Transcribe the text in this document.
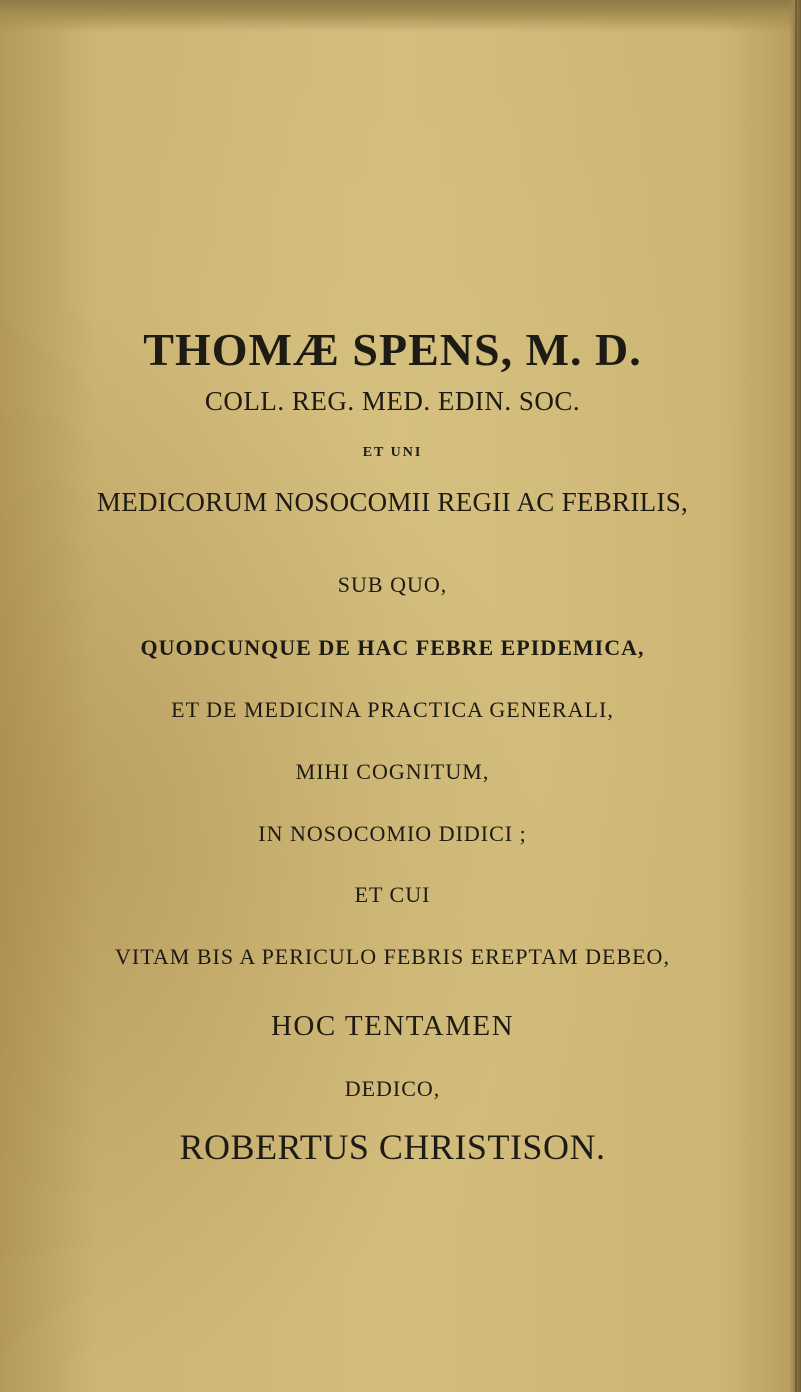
THOMÆ SPENS, M. D.
COLL. REG. MED. EDIN. SOC.
ET UNI
MEDICORUM NOSOCOMII REGII AC FEBRILIS,
SUB QUO,
QUODCUNQUE DE HAC FEBRE EPIDEMICA,
ET DE MEDICINA PRACTICA GENERALI,
MIHI COGNITUM,
IN NOSOCOMIO DIDICI ;
ET CUI
VITAM BIS A PERICULO FEBRIS EREPTAM DEBEO,
HOC TENTAMEN
DEDICO,
ROBERTUS CHRISTISON.
